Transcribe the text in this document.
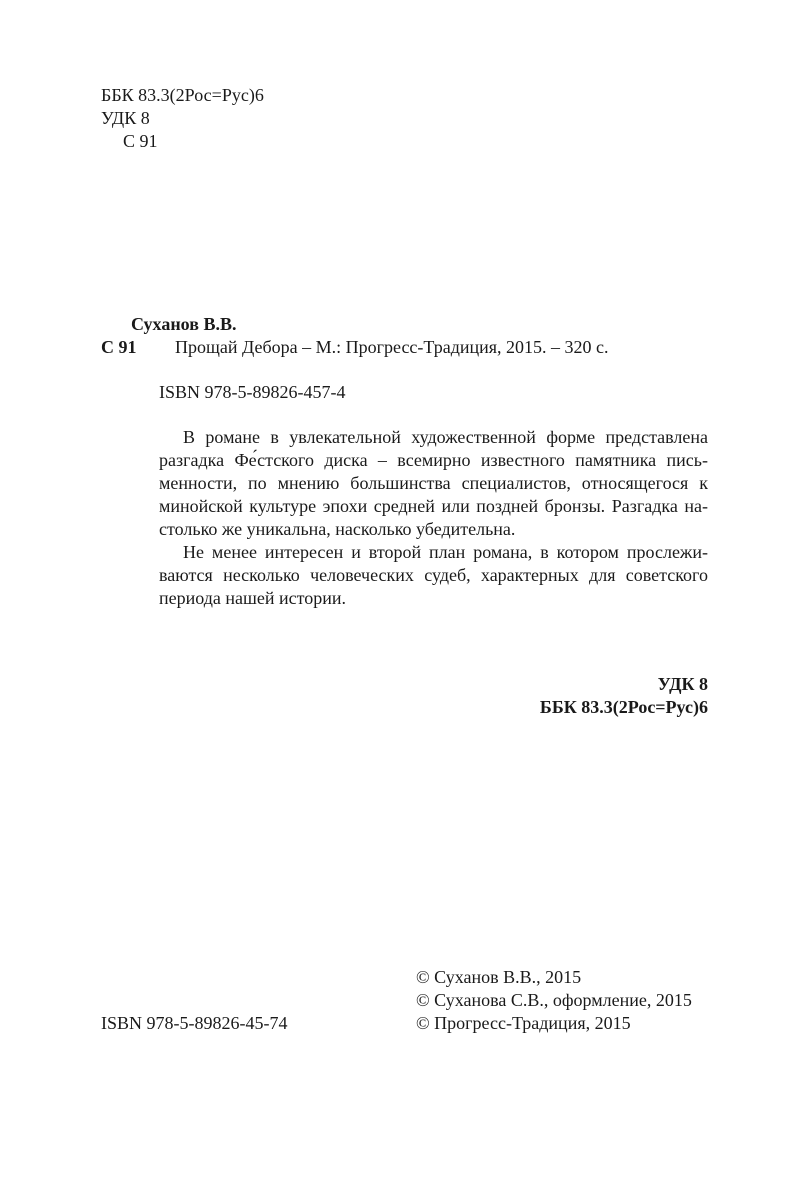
ББК 83.3(2Рос=Рус)6
УДК 8
С 91
Суханов В.В.
С 91 Прощай Дебора – М.: Прогресс-Традиция, 2015. – 320 с.
ISBN 978-5-89826-457-4

В романе в увлекательной художественной форме представлена разгадка Фе́стского диска – всемирно известного памятника письменности, по мнению большинства специалистов, относящегося к минойской культуре эпохи средней или поздней бронзы. Разгадка настолько же уникальна, насколько убедительна.

Не менее интересен и второй план романа, в котором прослеживаются несколько человеческих судеб, характерных для советского периода нашей истории.

УДК 8
ББК 83.3(2Рос=Рус)6
© Суханов В.В., 2015
© Суханова С.В., оформление, 2015
© Прогресс-Традиция, 2015
ISBN 978-5-89826-45-74
